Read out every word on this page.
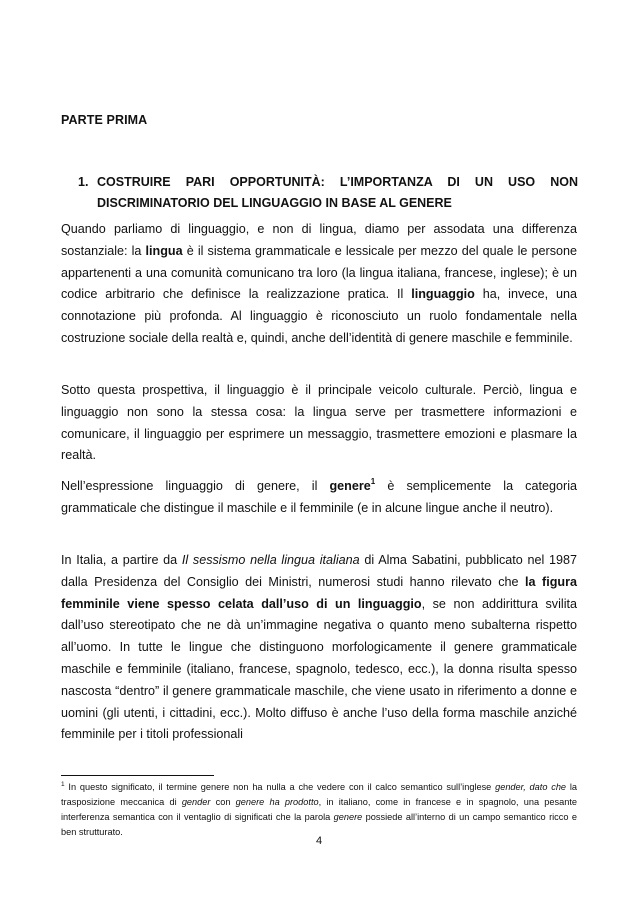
PARTE PRIMA
1. COSTRUIRE PARI OPPORTUNITÀ: L’IMPORTANZA DI UN USO NON
DISCRIMINATORIO DEL LINGUAGGIO IN BASE AL GENERE

Quando parliamo di linguaggio, e non di lingua, diamo per assodata una differenza sostanziale: la lingua è il sistema grammaticale e lessicale per mezzo del quale le persone appartenenti a una comunità comunicano tra loro (la lingua italiana, francese, inglese); è un codice arbitrario che definisce la realizzazione pratica. Il linguaggio ha, invece, una connotazione più profonda. Al linguaggio è riconosciuto un ruolo fondamentale nella costruzione sociale della realtà e, quindi, anche dell’identità di genere maschile e femminile.

Sotto questa prospettiva, il linguaggio è il principale veicolo culturale. Perciò, lingua e linguaggio non sono la stessa cosa: la lingua serve per trasmettere informazioni e comunicare, il linguaggio per esprimere un messaggio, trasmettere emozioni e plasmare la realtà.

Nell’espressione linguaggio di genere, il genere$^1$ è semplicemente la categoria grammaticale che distingue il maschile e il femminile (e in alcune lingue anche il neutro).

In Italia, a partire da Il sessismo nella lingua italiana di Alma Sabatini, pubblicato nel 1987 dalla Presidenza del Consiglio dei Ministri, numerosi studi hanno rilevato che la figura femminile viene spesso celata dall’uso di un linguaggio, se non addirittura svilita dall’uso stereotipato che ne dà un’immagine negativa o quanto meno subalterna rispetto all’uomo. In tutte le lingue che distinguono morfologicamente il genere grammaticale maschile e femminile (italiano, francese, spagnolo, tedesco, ecc.), la donna risulta spesso nascosta “dentro” il genere grammaticale maschile, che viene usato in riferimento a donne e uomini (gli utenti, i cittadini, ecc.). Molto diffuso è anche l’uso della forma maschile anziché femminile per i titoli professionali

$^1$ In questo significato, il termine genere non ha nulla a che vedere con il calco semantico sull’inglese gender, dato che la trasposizione meccanica di gender con genere ha prodotto, in italiano, come in francese e in spagnolo, una pesante interferenza semantica con il ventaglio di significati che la parola genere possiede all’interno di un campo semantico ricco e ben strutturato.
4
